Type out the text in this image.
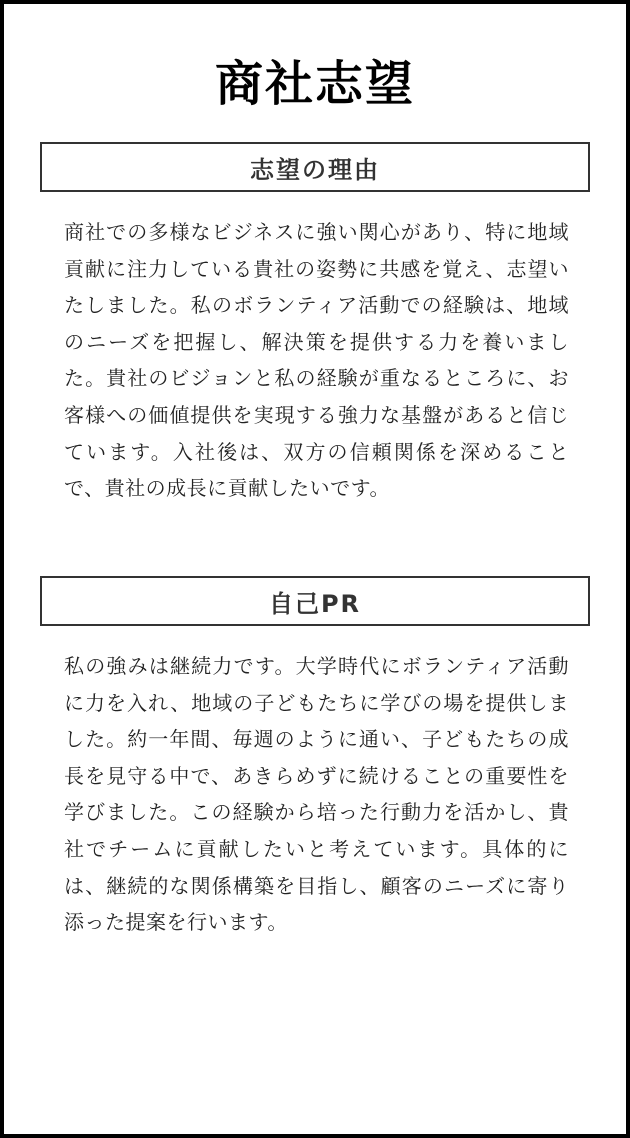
商社志望
志望の理由

商社での多様なビジネスに強い関心があり、特に地域貢献に注力している貴社の姿勢に共感を覚え、志望いたしました。私のボランティア活動での経験は、地域のニーズを把握し、解決策を提供する力を養いました。貴社のビジョンと私の経験が重なるところに、お客様への価値提供を実現する強力な基盤があると信じています。入社後は、双方の信頼関係を深めることで、貴社の成長に貢献したいです。

自己PR

私の強みは継続力です。大学時代にボランティア活動に力を入れ、地域の子どもたちに学びの場を提供しました。約一年間、毎週のように通い、子どもたちの成長を見守る中で、あきらめずに続けることの重要性を学びました。この経験から培った行動力を活かし、貴社でチームに貢献したいと考えています。具体的には、継続的な関係構築を目指し、顧客のニーズに寄り添った提案を行います。
